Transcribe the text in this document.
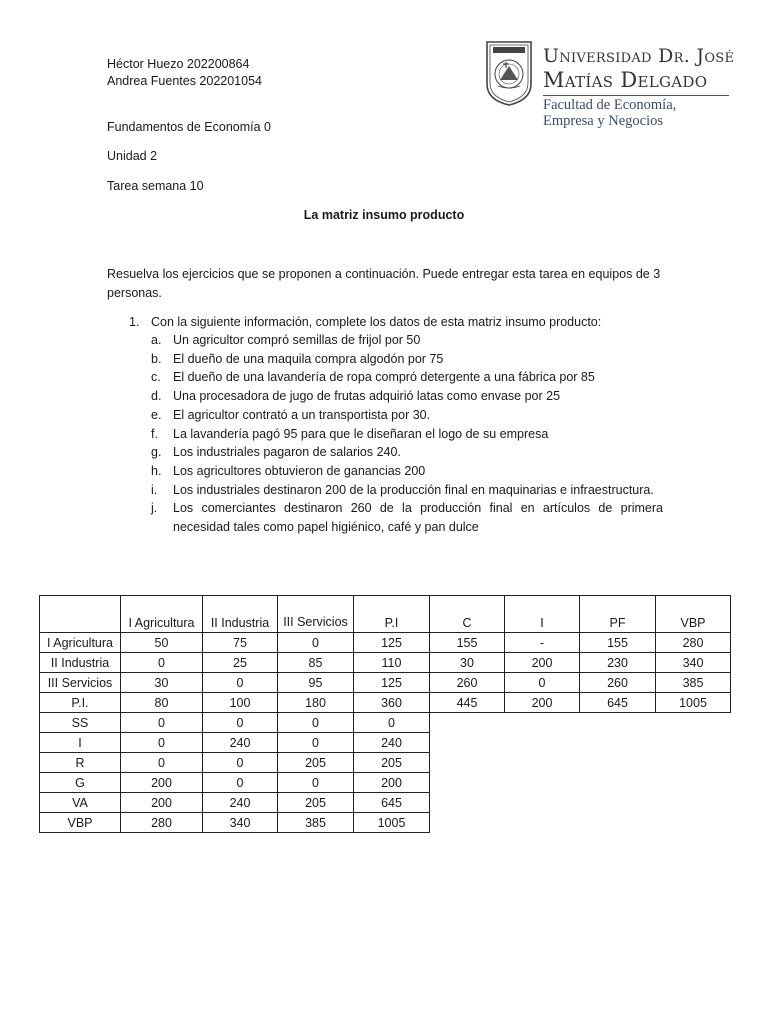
Héctor Huezo 202200864
Andrea Fuentes 202201054
Fundamentos de Economía 0
Unidad 2
Tarea semana 10
Universidad Dr. José
Matías Delgado
Facultad de Economía,
Empresa y Negocios
La matriz insumo producto
Resuelva los ejercicios que se proponen a continuación. Puede entregar esta tarea en equipos de 3 personas.
1. Con la siguiente información, complete los datos de esta matriz insumo producto:
a. Un agricultor compró semillas de frijol por 50
b. El dueño de una maquila compra algodón por 75
c. El dueño de una lavandería de ropa compró detergente a una fábrica por 85
d. Una procesadora de jugo de frutas adquirió latas como envase por 25
e. El agricultor contrató a un transportista por 30.
f. La lavandería pagó 95 para que le diseñaran el logo de su empresa
g. Los industriales pagaron de salarios 240.
h. Los agricultores obtuvieron de ganancias 200
i. Los industriales destinaron 200 de la producción final en maquinarias e infraestructura.
j. Los comerciantes destinaron 260 de la producción final en artículos de primera necesidad tales como papel higiénico, café y pan dulce
	I Agricultura	II Industria	III Servicios	P.I	C	I	PF	VBP
I Agricultura	50	75	0	125	155	-	155	280
II Industria	0	25	85	110	30	200	230	340
III Servicios	30	0	95	125	260	0	260	385
P.I.	80	100	180	360	445	200	645	1005
SS	0	0	0	0				
I	0	240	0	240				
R	0	0	205	205				
G	200	0	0	200				
VA	200	240	205	645				
VBP	280	340	385	1005				
